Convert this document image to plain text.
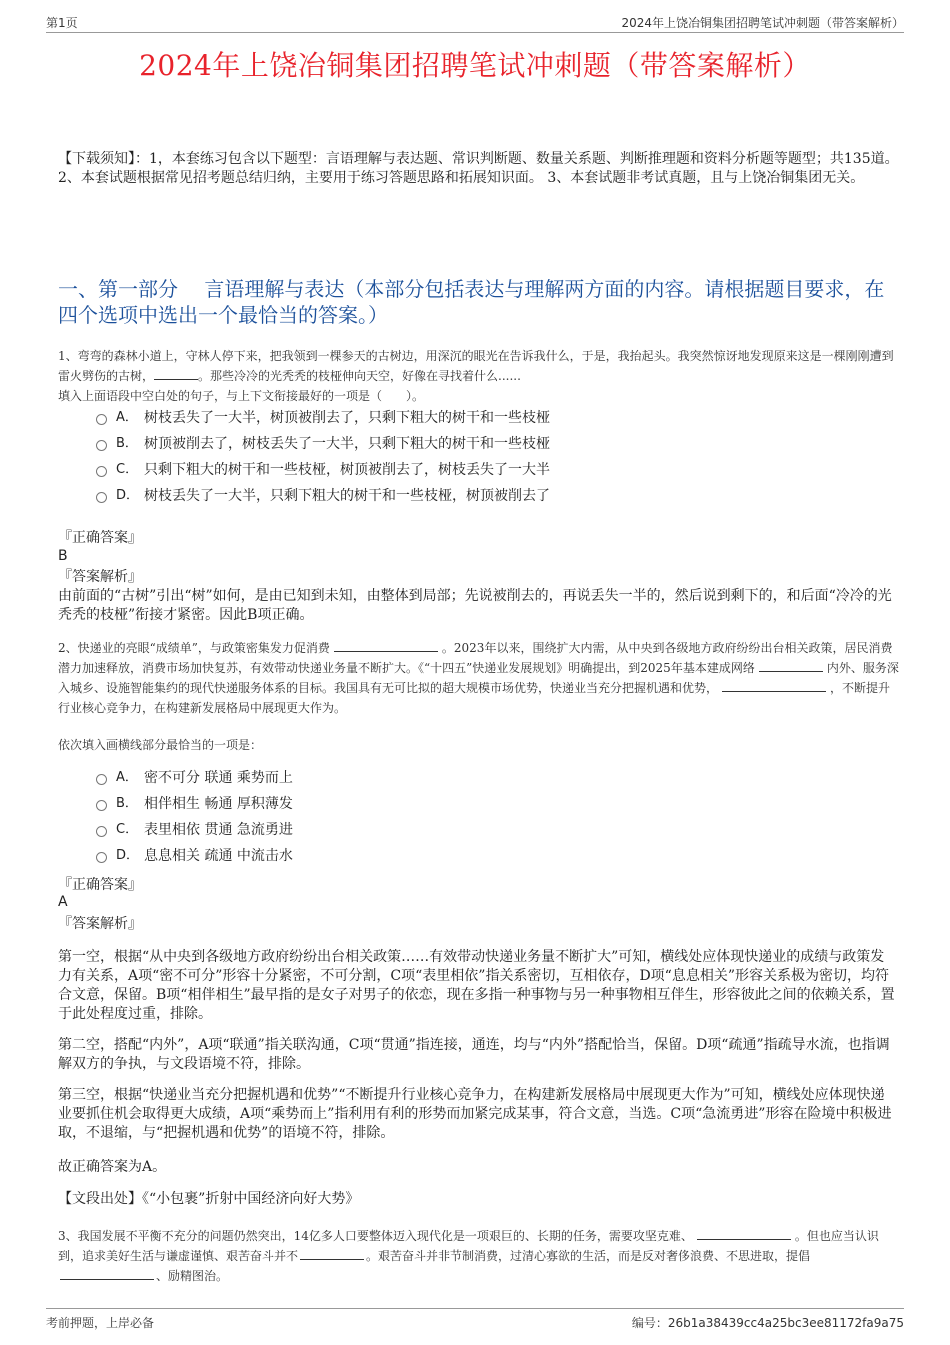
第1页	2024年上饶冶铜集团招聘笔试冲刺题（带答案解析）
2024年上饶冶铜集团招聘笔试冲刺题（带答案解析）
【下载须知】：1，本套练习包含以下题型：言语理解与表达题、常识判断题、数量关系题、判断推理题和资料分析题等题型；共135道。 2、本套试题根据常见招考题总结归纳，主要用于练习答题思路和拓展知识面。 3、本套试题非考试真题，且与上饶冶铜集团无关。
一、第一部分　 言语理解与表达（本部分包括表达与理解两方面的内容。请根据题目要求，在四个选项中选出一个最恰当的答案。）
1、弯弯的森林小道上，守林人停下来，把我领到一棵参天的古树边，用深沉的眼光在告诉我什么，于是，我抬起头。我突然惊讶地发现原来这是一棵刚刚遭到雷火劈伤的古树，	。那些冷冷的光秃秃的枝桠伸向天空，好像在寻找着什么......
填入上面语段中空白处的句子，与上下文衔接最好的一项是（　　）。
A． 树枝丢失了一大半，树顶被削去了，只剩下粗大的树干和一些枝桠
B． 树顶被削去了，树枝丢失了一大半，只剩下粗大的树干和一些枝桠
C． 只剩下粗大的树干和一些枝桠，树顶被削去了，树枝丢失了一大半
D． 树枝丢失了一大半，只剩下粗大的树干和一些枝桠，树顶被削去了
『正确答案』
B
『答案解析』
由前面的“古树”引出“树”如何，是由已知到未知，由整体到局部；先说被削去的，再说丢失一半的，然后说到剩下的，和后面“冷冷的光秃秃的枝桠”衔接才紧密。因此B项正确。
2、快递业的亮眼“成绩单”，与政策密集发力促消费	。2023年以来，围绕扩大内需，从中央到各级地方政府纷纷出台相关政策，居民消费潜力加速释放，消费市场加快复苏，有效带动快递业务量不断扩大。《“十四五”快递业发展规划》明确提出，到2025年基本建成网络	内外、服务深入城乡、设施智能集约的现代快递服务体系的目标。我国具有无可比拟的超大规模市场优势，快递业当充分把握机遇和优势，	，不断提升行业核心竞争力，在构建新发展格局中展现更大作为。
依次填入画横线部分最恰当的一项是：
A． 密不可分 联通 乘势而上
B． 相伴相生 畅通 厚积薄发
C． 表里相依 贯通 急流勇进
D． 息息相关 疏通 中流击水
『正确答案』
A
『答案解析』
第一空，根据“从中央到各级地方政府纷纷出台相关政策……有效带动快递业务量不断扩大”可知，横线处应体现快递业的成绩与政策发力有关系，A项“密不可分”形容十分紧密，不可分割，C项“表里相依”指关系密切，互相依存，D项“息息相关”形容关系极为密切，均符合文意，保留。B项“相伴相生”最早指的是女子对男子的依恋，现在多指一种事物与另一种事物相互伴生，形容彼此之间的依赖关系，置于此处程度过重，排除。
第二空，搭配“内外”，A项“联通”指关联沟通，C项“贯通”指连接，通连，均与“内外”搭配恰当，保留。D项“疏通”指疏导水流，也指调解双方的争执，与文段语境不符，排除。
第三空，根据“快递业当充分把握机遇和优势”“不断提升行业核心竞争力，在构建新发展格局中展现更大作为”可知，横线处应体现快递业要抓住机会取得更大成绩，A项“乘势而上”指利用有利的形势而加紧完成某事，符合文意，当选。C项“急流勇进”形容在险境中积极进取，不退缩，与“把握机遇和优势”的语境不符，排除。
故正确答案为A。
【文段出处】《“小包裹”折射中国经济向好大势》
3、我国发展不平衡不充分的问题仍然突出，14亿多人口要整体迈入现代化是一项艰巨的、长期的任务，需要攻坚克难、	。但也应当认识到，追求美好生活与谦虚谨慎、艰苦奋斗并不	。艰苦奋斗并非节制消费，过清心寡欲的生活，而是反对奢侈浪费、不思进取，提倡、励精图治。
考前押题，上岸必备	编号：26b1a38439cc4a25bc3ee81172fa9a75
